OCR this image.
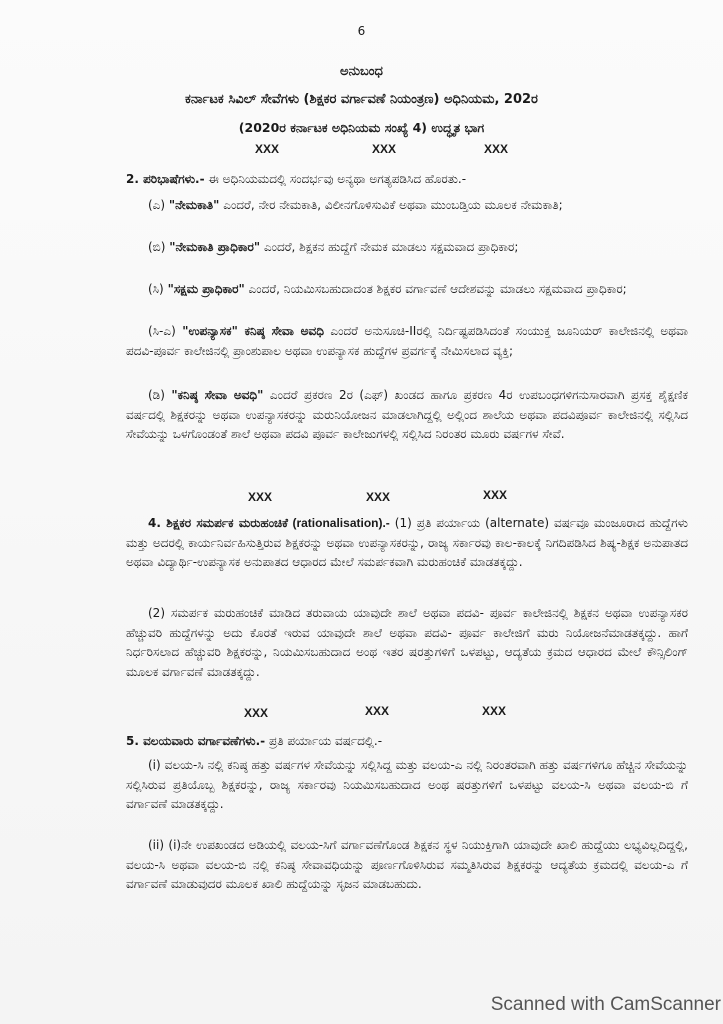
6
ಅನುಬಂಧ
ಕರ್ನಾಟಕ ಸಿವಿಲ್ ಸೇವೆಗಳು (ಶಿಕ್ಷಕರ ವರ್ಗಾವಣೆ ನಿಯಂತ್ರಣ) ಅಧಿನಿಯಮ, 202ರ
(2020ರ ಕರ್ನಾಟಕ ಅಧಿನಿಯಮ ಸಂಖ್ಯೆ 4) ಉದ್ಧೃತ ಭಾಗ
XXX	XXX	XXX
2. ಪರಿಭಾಷೆಗಳು.- ಈ ಅಧಿನಿಯಮದಲ್ಲಿ ಸಂದರ್ಭವು ಅನ್ಯಥಾ ಅಗತ್ಯಪಡಿಸಿದ ಹೊರತು.-
(ಎ) "ನೇಮಕಾತಿ" ಎಂದರೆ, ನೇರ ನೇಮಕಾತಿ, ವಿಲೀನಗೊಳಿಸುವಿಕೆ ಅಥವಾ ಮುಂಬಡ್ತಿಯ ಮೂಲಕ ನೇಮಕಾತಿ;
(ಬಿ) "ನೇಮಕಾತಿ ಪ್ರಾಧಿಕಾರ" ಎಂದರೆ, ಶಿಕ್ಷಕನ ಹುದ್ದೆಗೆ ನೇಮಕ ಮಾಡಲು ಸಕ್ಷಮವಾದ ಪ್ರಾಧಿಕಾರ;
(ಸಿ) "ಸಕ್ಷಮ ಪ್ರಾಧಿಕಾರ" ಎಂದರೆ, ನಿಯಮಿಸಬಹುದಾದಂತ ಶಿಕ್ಷಕರ ವರ್ಗಾವಣೆ ಆದೇಶವನ್ನು ಮಾಡಲು ಸಕ್ಷಮವಾದ ಪ್ರಾಧಿಕಾರ;
(ಸಿ-ಎ) "ಉಪನ್ಯಾಸಕ" ಕನಿಷ್ಠ ಸೇವಾ ಅವಧಿ ಎಂದರೆ ಅನುಸೂಚಿ-IIರಲ್ಲಿ ನಿರ್ದಿಷ್ಟಪಡಿಸಿದಂತೆ ಸಂಯುಕ್ತ ಜೂನಿಯರ್ ಕಾಲೇಜಿನಲ್ಲಿ ಅಥವಾ ಪದವಿ-ಪೂರ್ವ ಕಾಲೇಜಿನಲ್ಲಿ ಪ್ರಾಂಶುಪಾಲ ಅಥವಾ ಉಪನ್ಯಾಸಕ ಹುದ್ದೆಗಳ ಪ್ರವರ್ಗಕ್ಕೆ ನೇಮಿಸಲಾದ ವ್ಯಕ್ತಿ;
(ಡಿ) "ಕನಿಷ್ಠ ಸೇವಾ ಅವಧಿ" ಎಂದರೆ ಪ್ರಕರಣ 2ರ (ಎಫ್) ಖಂಡದ ಹಾಗೂ ಪ್ರಕರಣ 4ರ ಉಪಬಂಧಗಳಿಗನುಸಾರವಾಗಿ ಪ್ರಸಕ್ತ ಶೈಕ್ಷಣಿಕ ವರ್ಷದಲ್ಲಿ ಶಿಕ್ಷಕರನ್ನು ಅಥವಾ ಉಪನ್ಯಾಸಕರನ್ನು ಮರುನಿಯೋಜನ ಮಾಡಲಾಗಿದ್ದಲ್ಲಿ ಅಲ್ಲಿಂದ ಶಾಲೆಯ ಅಥವಾ ಪದವಿಪೂರ್ವ ಕಾಲೇಜಿನಲ್ಲಿ ಸಲ್ಲಿಸಿದ ಸೇವೆಯನ್ನು ಒಳಗೊಂಡಂತೆ ಶಾಲೆ ಅಥವಾ ಪದವಿ ಪೂರ್ವ ಕಾಲೇಜುಗಳಲ್ಲಿ ಸಲ್ಲಿಸಿದ ನಿರಂತರ ಮೂರು ವರ್ಷಗಳ ಸೇವೆ.
XXX	XXX	XXX
4. ಶಿಕ್ಷಕರ ಸಮರ್ಪಕ ಮರುಹಂಚಿಕೆ (rationalisation).- (1) ಪ್ರತಿ ಪರ್ಯಾಯ (alternate) ವರ್ಷವೂ ಮಂಜೂರಾದ ಹುದ್ದೆಗಳು ಮತ್ತು ಅದರಲ್ಲಿ ಕಾರ್ಯನಿರ್ವಹಿಸುತ್ತಿರುವ ಶಿಕ್ಷಕರನ್ನು ಅಥವಾ ಉಪನ್ಯಾಸಕರನ್ನು, ರಾಜ್ಯ ಸರ್ಕಾರವು ಕಾಲ-ಕಾಲಕ್ಕೆ ನಿಗದಿಪಡಿಸಿದ ಶಿಷ್ಯ-ಶಿಕ್ಷಕ ಅನುಪಾತದ ಅಥವಾ ವಿದ್ಯಾರ್ಥಿ-ಉಪನ್ಯಾಸಕ ಅನುಪಾತದ ಆಧಾರದ ಮೇಲೆ ಸಮರ್ಪಕವಾಗಿ ಮರುಹಂಚಿಕೆ ಮಾಡತಕ್ಕದ್ದು.
(2) ಸಮರ್ಪಕ ಮರುಹಂಚಿಕೆ ಮಾಡಿದ ತರುವಾಯ ಯಾವುದೇ ಶಾಲೆ ಅಥವಾ ಪದವಿ- ಪೂರ್ವ ಕಾಲೇಜಿನಲ್ಲಿ ಶಿಕ್ಷಕನ ಅಥವಾ ಉಪನ್ಯಾಸಕರ ಹೆಚ್ಚುವರಿ ಹುದ್ದೆಗಳನ್ನು ಅದು ಕೊರತೆ ಇರುವ ಯಾವುದೇ ಶಾಲೆ ಅಥವಾ ಪದವಿ- ಪೂರ್ವ ಕಾಲೇಜಿಗೆ ಮರು ನಿಯೋಜನೆಮಾಡತಕ್ಕದ್ದು. ಹಾಗೆ ನಿರ್ಧರಿಸಲಾದ ಹೆಚ್ಚುವರಿ ಶಿಕ್ಷಕರನ್ನು, ನಿಯಮಿಸಬಹುದಾದ ಅಂಥ ಇತರ ಷರತ್ತುಗಳಿಗೆ ಒಳಪಟ್ಟು, ಆದ್ಯತೆಯ ಕ್ರಮದ ಆಧಾರದ ಮೇಲೆ ಕೌನ್ಸಿಲಿಂಗ್ ಮೂಲಕ ವರ್ಗಾವಣೆ ಮಾಡತಕ್ಕದ್ದು.
XXX	XXX	XXX
5. ವಲಯವಾರು ವರ್ಗಾವಣೆಗಳು.- ಪ್ರತಿ ಪರ್ಯಾಯ ವರ್ಷದಲ್ಲಿ.-
(i) ವಲಯ-ಸಿ ನಲ್ಲಿ ಕನಿಷ್ಠ ಹತ್ತು ವರ್ಷಗಳ ಸೇವೆಯನ್ನು ಸಲ್ಲಿಸಿದ್ದ ಮತ್ತು ವಲಯ-ಎ ನಲ್ಲಿ ನಿರಂತರವಾಗಿ ಹತ್ತು ವರ್ಷಗಳಿಗೂ ಹೆಚ್ಚಿನ ಸೇವೆಯನ್ನು ಸಲ್ಲಿಸಿರುವ ಪ್ರತಿಯೊಬ್ಬ ಶಿಕ್ಷಕರನ್ನು, ರಾಜ್ಯ ಸರ್ಕಾರವು ನಿಯಮಿಸಬಹುದಾದ ಅಂಥ ಷರತ್ತುಗಳಿಗೆ ಒಳಪಟ್ಟು ವಲಯ-ಸಿ ಅಥವಾ ವಲಯ-ಬಿ ಗೆ ವರ್ಗಾವಣೆ ಮಾಡತಕ್ಕದ್ದು.
(ii) (i)ನೇ ಉಪಖಂಡದ ಅಡಿಯಲ್ಲಿ ವಲಯ-ಸಿಗೆ ವರ್ಗಾವಣೆಗೊಂಡ ಶಿಕ್ಷಕನ ಸ್ಥಳ ನಿಯುಕ್ತಿಗಾಗಿ ಯಾವುದೇ ಖಾಲಿ ಹುದ್ದೆಯು ಲಭ್ಯವಿಲ್ಲದಿದ್ದಲ್ಲಿ, ವಲಯ-ಸಿ ಅಥವಾ ವಲಯ-ಬಿ ನಲ್ಲಿ ಕನಿಷ್ಠ ಸೇವಾವಧಿಯನ್ನು ಪೂರ್ಣಗೊಳಿಸಿರುವ ಸಮ್ಮತಿಸಿರುವ ಶಿಕ್ಷಕರನ್ನು ಆದ್ಯತೆಯ ಕ್ರಮದಲ್ಲಿ ವಲಯ-ಎ ಗೆ ವರ್ಗಾವಣೆ ಮಾಡುವುದರ ಮೂಲಕ ಖಾಲಿ ಹುದ್ದೆಯನ್ನು ಸೃಜನ ಮಾಡಬಹುದು.
Scanned with CamScanner
